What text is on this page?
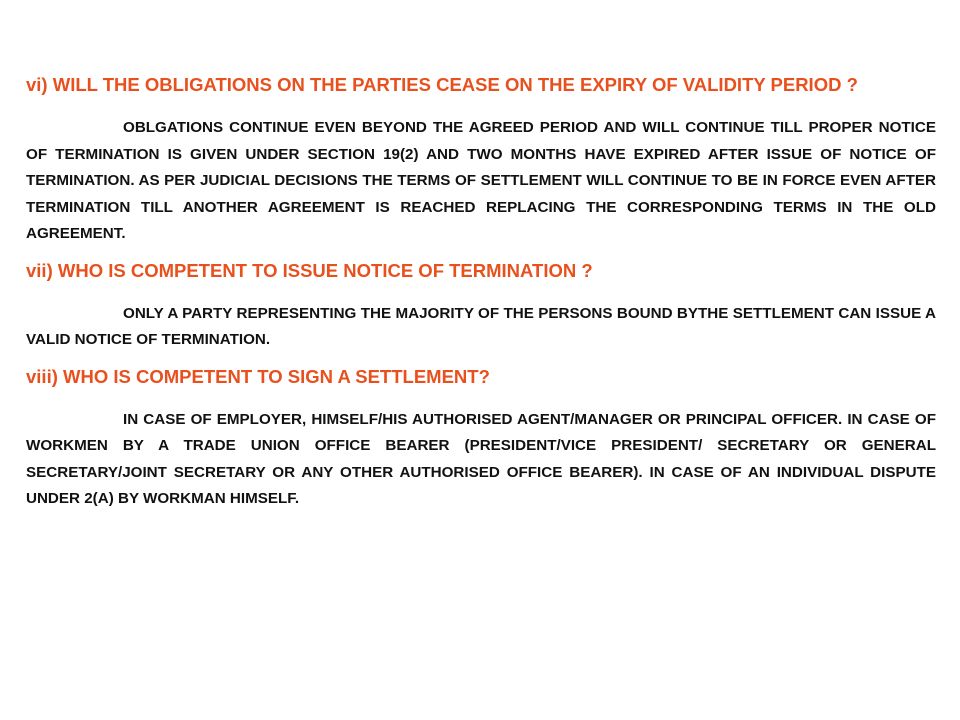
vi) WILL THE OBLIGATIONS ON THE PARTIES CEASE ON THE EXPIRY OF VALIDITY PERIOD ?

OBLGATIONS CONTINUE EVEN BEYOND THE AGREED PERIOD AND WILL CONTINUE TILL PROPER NOTICE OF TERMINATION IS GIVEN UNDER SECTION 19(2) AND TWO MONTHS HAVE EXPIRED AFTER ISSUE OF NOTICE OF TERMINATION. AS PER JUDICIAL DECISIONS THE TERMS OF SETTLEMENT WILL CONTINUE TO BE IN FORCE EVEN AFTER TERMINATION TILL ANOTHER AGREEMENT IS REACHED REPLACING THE CORRESPONDING TERMS IN THE OLD AGREEMENT.

vii) WHO IS COMPETENT TO ISSUE NOTICE OF TERMINATION ?

ONLY A PARTY REPRESENTING THE MAJORITY OF THE PERSONS BOUND BYTHE SETTLEMENT CAN ISSUE A VALID NOTICE OF TERMINATION.

viii) WHO IS COMPETENT TO SIGN A SETTLEMENT?

IN CASE OF EMPLOYER, HIMSELF/HIS AUTHORISED AGENT/MANAGER OR PRINCIPAL OFFICER. IN CASE OF WORKMEN BY A TRADE UNION OFFICE BEARER (PRESIDENT/VICE PRESIDENT/ SECRETARY OR GENERAL SECRETARY/JOINT SECRETARY OR ANY OTHER AUTHORISED OFFICE BEARER). IN CASE OF AN INDIVIDUAL DISPUTE UNDER 2(A) BY WORKMAN HIMSELF.
